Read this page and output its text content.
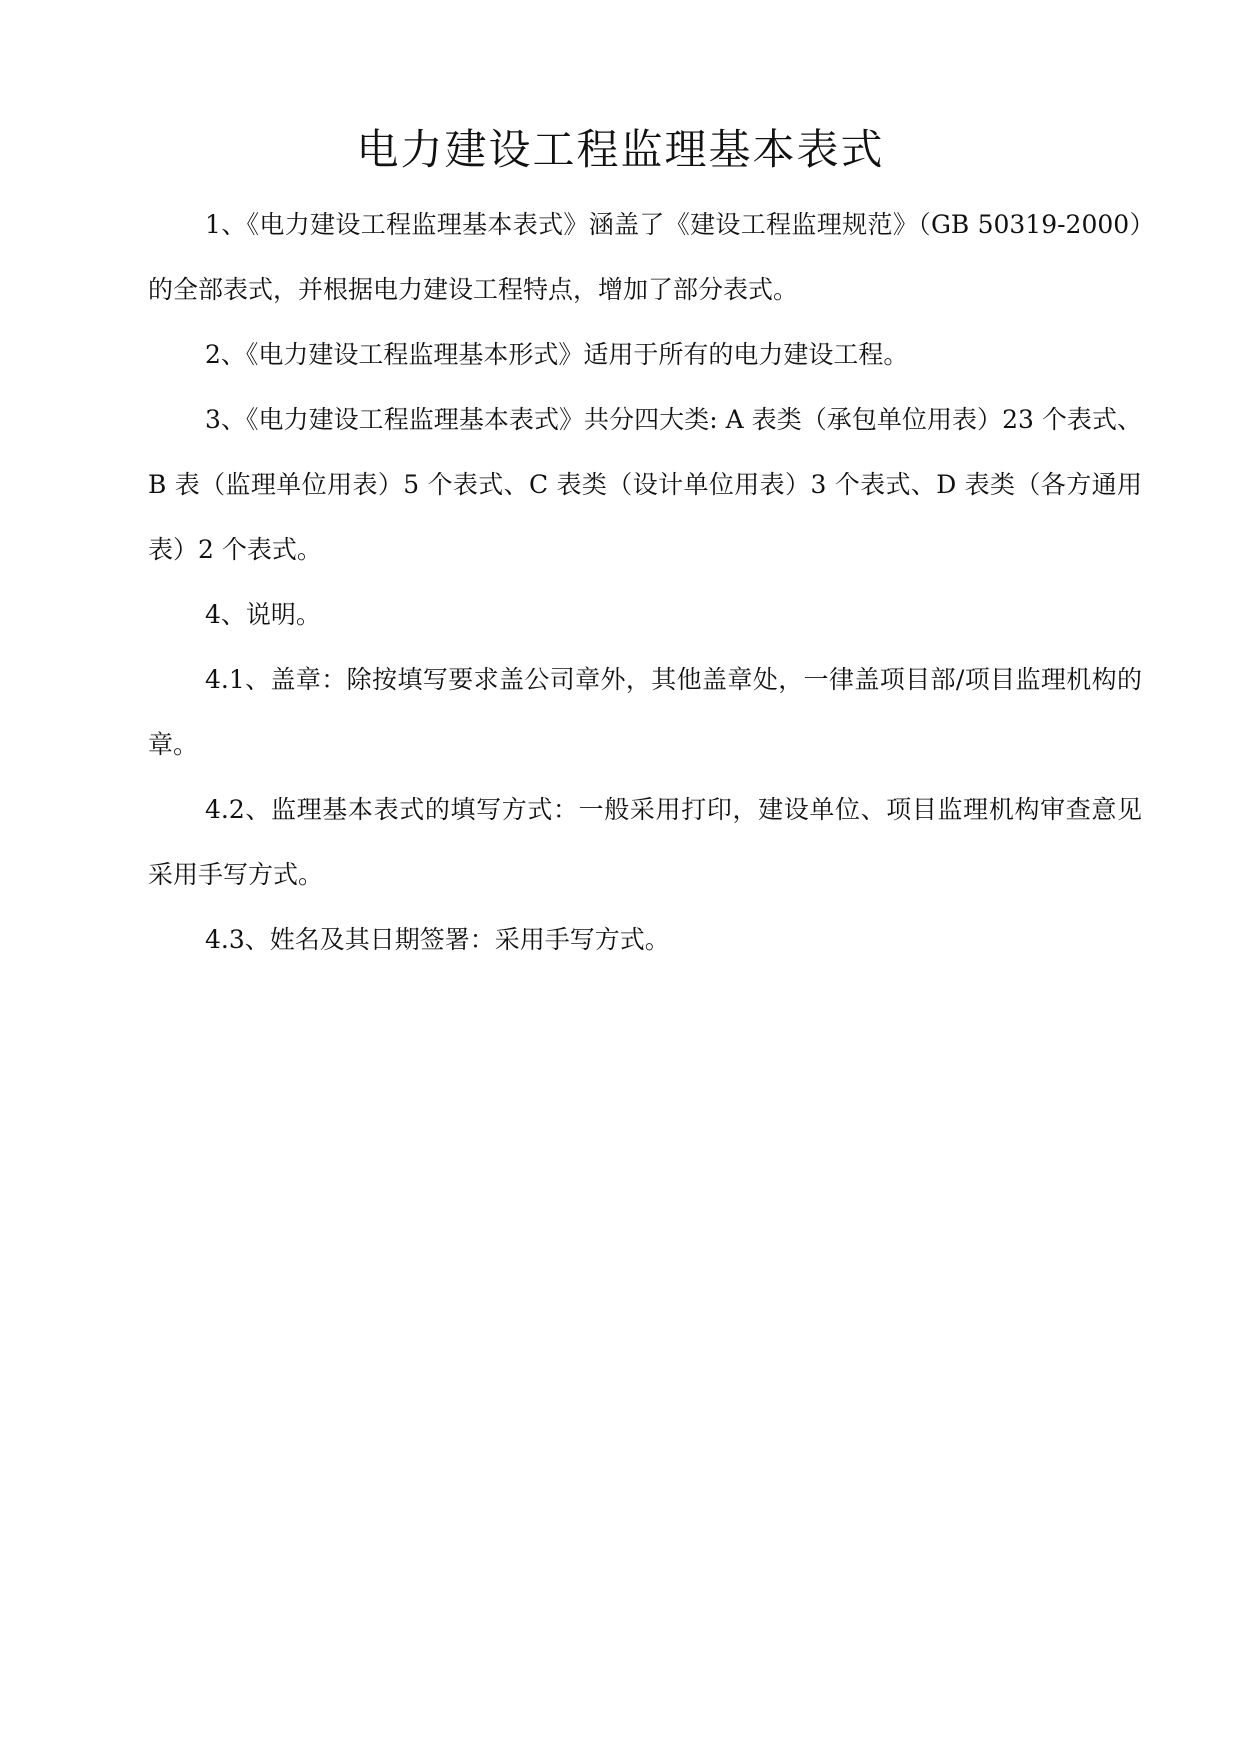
电力建设工程监理基本表式

1、《电力建设工程监理基本表式》涵盖了《建设工程监理规范》（GB 50319-2000）的全部表式，并根据电力建设工程特点，增加了部分表式。

2、《电力建设工程监理基本形式》适用于所有的电力建设工程。

3、《电力建设工程监理基本表式》共分四大类: A 表类（承包单位用表）23 个表式、B 表（监理单位用表）5 个表式、C 表类（设计单位用表）3 个表式、D 表类（各方通用表）2 个表式。

4、说明。

4.1、盖章：除按填写要求盖公司章外，其他盖章处，一律盖项目部/项目监理机构的章。

4.2、监理基本表式的填写方式：一般采用打印，建设单位、项目监理机构审查意见采用手写方式。

4.3、姓名及其日期签署：采用手写方式。
